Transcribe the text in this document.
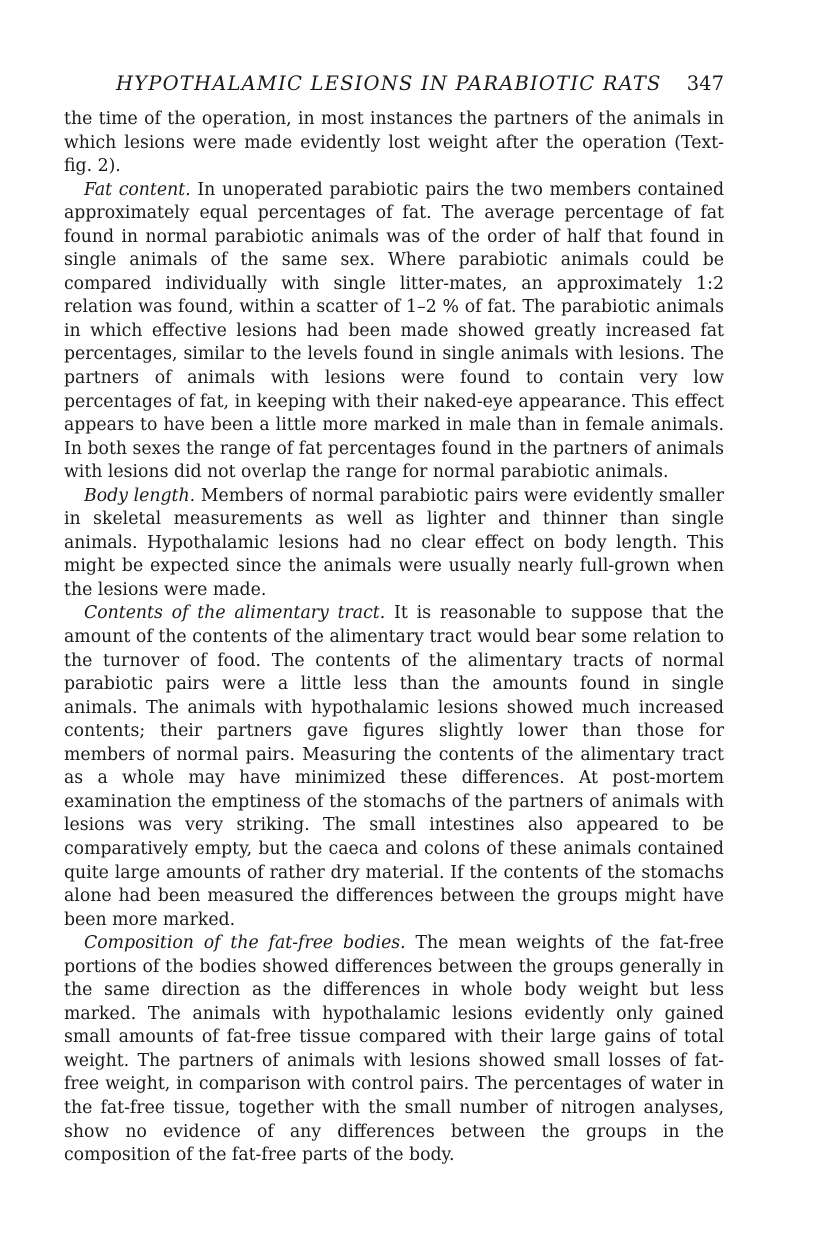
HYPOTHALAMIC LESIONS IN PARABIOTIC RATS 347

the time of the operation, in most instances the partners of the animals in which lesions were made evidently lost weight after the operation (Text-fig. 2).

Fat content. In unoperated parabiotic pairs the two members contained approximately equal percentages of fat. The average percentage of fat found in normal parabiotic animals was of the order of half that found in single animals of the same sex. Where parabiotic animals could be compared individually with single litter-mates, an approximately 1:2 relation was found, within a scatter of 1–2 % of fat. The parabiotic animals in which effective lesions had been made showed greatly increased fat percentages, similar to the levels found in single animals with lesions. The partners of animals with lesions were found to contain very low percentages of fat, in keeping with their naked-eye appearance. This effect appears to have been a little more marked in male than in female animals. In both sexes the range of fat percentages found in the partners of animals with lesions did not overlap the range for normal parabiotic animals.

Body length. Members of normal parabiotic pairs were evidently smaller in skeletal measurements as well as lighter and thinner than single animals. Hypothalamic lesions had no clear effect on body length. This might be expected since the animals were usually nearly full-grown when the lesions were made.

Contents of the alimentary tract. It is reasonable to suppose that the amount of the contents of the alimentary tract would bear some relation to the turnover of food. The contents of the alimentary tracts of normal parabiotic pairs were a little less than the amounts found in single animals. The animals with hypothalamic lesions showed much increased contents; their partners gave figures slightly lower than those for members of normal pairs. Measuring the contents of the alimentary tract as a whole may have minimized these differences. At post-mortem examination the emptiness of the stomachs of the partners of animals with lesions was very striking. The small intestines also appeared to be comparatively empty, but the caeca and colons of these animals contained quite large amounts of rather dry material. If the contents of the stomachs alone had been measured the differences between the groups might have been more marked.

Composition of the fat-free bodies. The mean weights of the fat-free portions of the bodies showed differences between the groups generally in the same direction as the differences in whole body weight but less marked. The animals with hypothalamic lesions evidently only gained small amounts of fat-free tissue compared with their large gains of total weight. The partners of animals with lesions showed small losses of fat-free weight, in comparison with control pairs. The percentages of water in the fat-free tissue, together with the small number of nitrogen analyses, show no evidence of any differences between the groups in the composition of the fat-free parts of the body.
